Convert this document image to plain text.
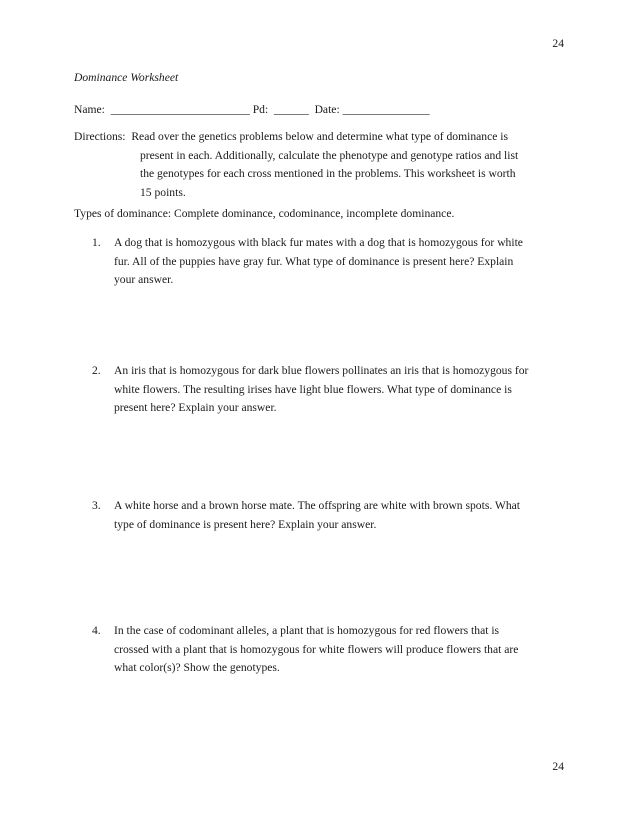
24
Dominance Worksheet
Name:  ________________________ Pd:  ______  Date: _______________
Directions: Read over the genetics problems below and determine what type of dominance is
present in each. Additionally, calculate the phenotype and genotype ratios and list
the genotypes for each cross mentioned in the problems. This worksheet is worth
15 points.
Types of dominance: Complete dominance, codominance, incomplete dominance.
1.	A dog that is homozygous with black fur mates with a dog that is homozygous for white
fur. All of the puppies have gray fur. What type of dominance is present here? Explain
your answer.
2.	An iris that is homozygous for dark blue flowers pollinates an iris that is homozygous for
white flowers. The resulting irises have light blue flowers. What type of dominance is
present here? Explain your answer.
3.	A white horse and a brown horse mate. The offspring are white with brown spots. What
type of dominance is present here? Explain your answer.
4.	In the case of codominant alleles, a plant that is homozygous for red flowers that is
crossed with a plant that is homozygous for white flowers will produce flowers that are
what color(s)? Show the genotypes.
24
